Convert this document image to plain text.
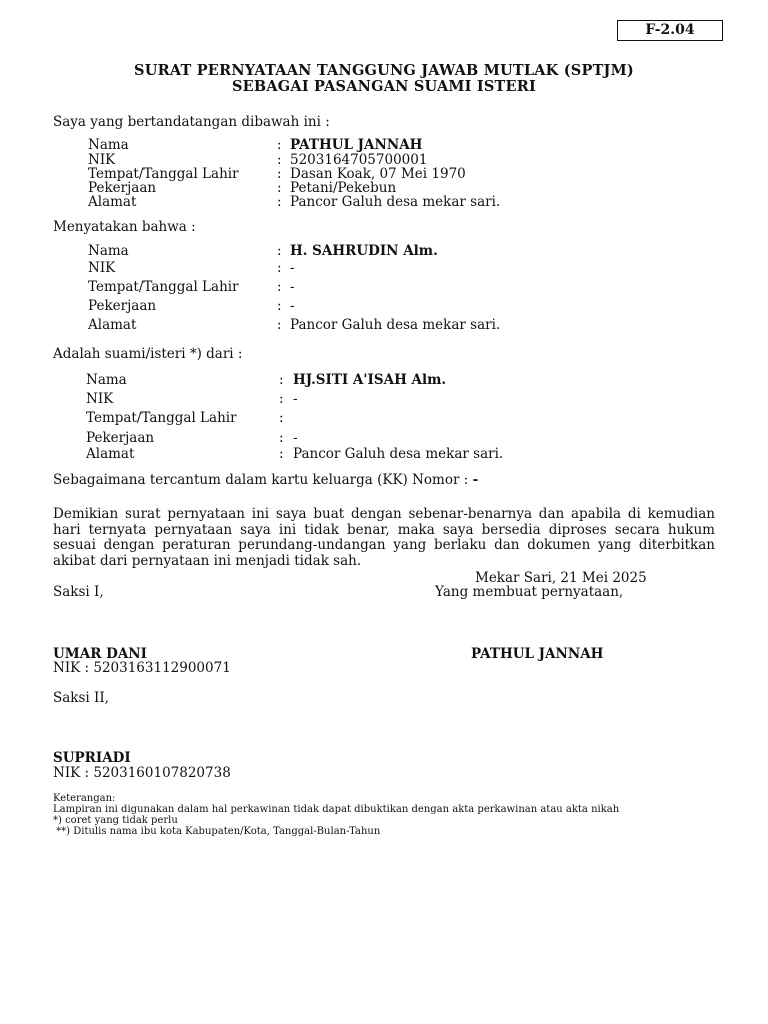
F-2.04
SURAT PERNYATAAN TANGGUNG JAWAB MUTLAK (SPTJM)
SEBAGAI PASANGAN SUAMI ISTERI
Saya yang bertandatangan dibawah ini :
Nama	: PATHUL JANNAH
NIK	: 5203164705700001
Tempat/Tanggal Lahir	: Dasan Koak, 07 Mei 1970
Pekerjaan	: Petani/Pekebun
Alamat	: Pancor Galuh desa mekar sari.
Menyatakan bahwa :
Nama	: H. SAHRUDIN Alm.
NIK	: -
Tempat/Tanggal Lahir	: -
Pekerjaan	: -
Alamat	: Pancor Galuh desa mekar sari.
Adalah suami/isteri *) dari :
Nama	: HJ.SITI A'ISAH Alm.
NIK	: -
Tempat/Tanggal Lahir	:
Pekerjaan	: -
Alamat	: Pancor Galuh desa mekar sari.
Sebagaimana tercantum dalam kartu keluarga (KK) Nomor : -
Demikian surat pernyataan ini saya buat dengan sebenar-benarnya dan apabila di kemudian hari ternyata pernyataan saya ini tidak benar, maka saya bersedia diproses secara hukum sesuai dengan peraturan perundang-undangan yang berlaku dan dokumen yang diterbitkan akibat dari pernyataan ini menjadi tidak sah.
Mekar Sari, 21 Mei 2025
Saksi I,	Yang membuat pernyataan,
UMAR DANI	PATHUL JANNAH
NIK : 5203163112900071
Saksi II,
SUPRIADI
NIK : 5203160107820738
Keterangan:
Lampiran ini digunakan dalam hal perkawinan tidak dapat dibuktikan dengan akta perkawinan atau akta nikah
*) coret yang tidak perlu
**) Ditulis nama ibu kota Kabupaten/Kota, Tanggal-Bulan-Tahun
